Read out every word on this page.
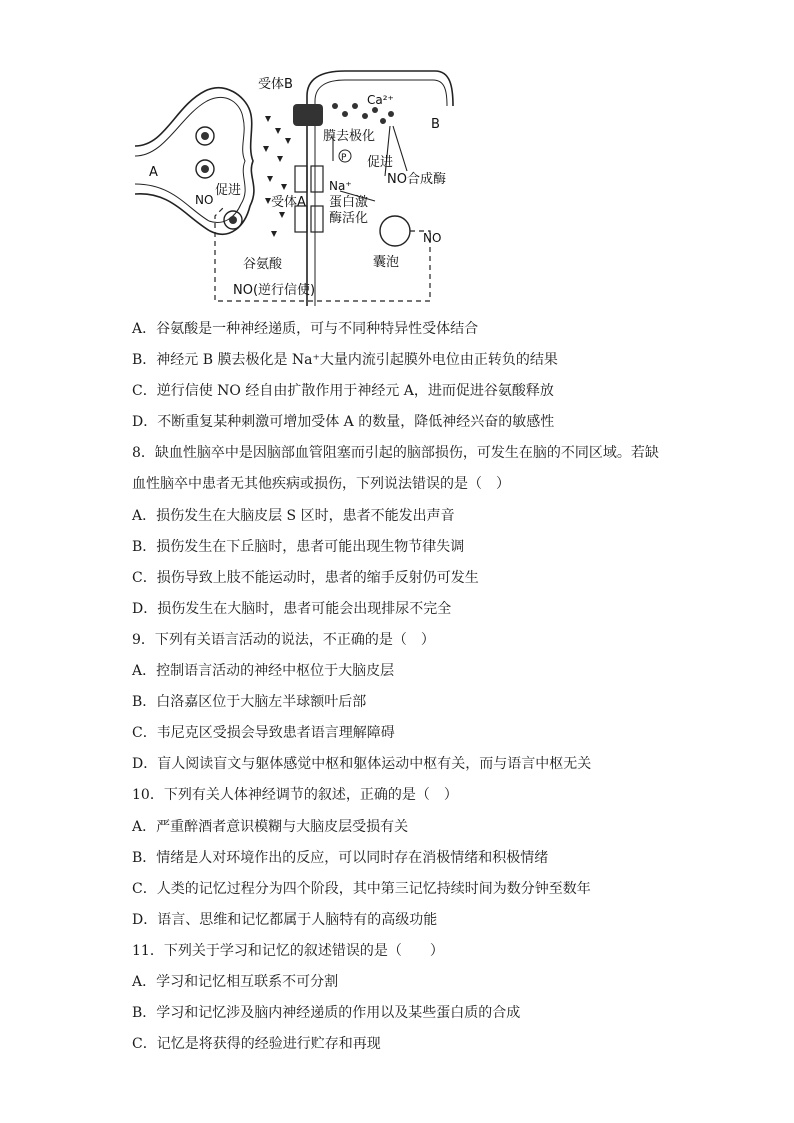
受体B
Ca²⁺
B
膜去极化
P 促进
A
促进	Na⁺	NO合成酶
NO	蛋白激
受体A
酶活化
NO
谷氨酸	囊泡
NO(逆行信使)
A．谷氨酸是一种神经递质，可与不同种特异性受体结合
B．神经元 B 膜去极化是 Na⁺大量内流引起膜外电位由正转负的结果
C．逆行信使 NO 经自由扩散作用于神经元 A，进而促进谷氨酸释放
D．不断重复某种刺激可增加受体 A 的数量，降低神经兴奋的敏感性
8．缺血性脑卒中是因脑部血管阻塞而引起的脑部损伤，可发生在脑的不同区域。若缺
血性脑卒中患者无其他疾病或损伤，下列说法错误的是（　）
A．损伤发生在大脑皮层 S 区时，患者不能发出声音
B．损伤发生在下丘脑时，患者可能出现生物节律失调
C．损伤导致上肢不能运动时，患者的缩手反射仍可发生
D．损伤发生在大脑时，患者可能会出现排尿不完全
9．下列有关语言活动的说法，不正确的是（　）
A．控制语言活动的神经中枢位于大脑皮层
B．白洛嘉区位于大脑左半球额叶后部
C．韦尼克区受损会导致患者语言理解障碍
D．盲人阅读盲文与躯体感觉中枢和躯体运动中枢有关，而与语言中枢无关
10．下列有关人体神经调节的叙述，正确的是（　）
A．严重醉酒者意识模糊与大脑皮层受损有关
B．情绪是人对环境作出的反应，可以同时存在消极情绪和积极情绪
C．人类的记忆过程分为四个阶段，其中第三记忆持续时间为数分钟至数年
D．语言、思维和记忆都属于人脑特有的高级功能
11．下列关于学习和记忆的叙述错误的是（　　）
A．学习和记忆相互联系不可分割
B．学习和记忆涉及脑内神经递质的作用以及某些蛋白质的合成
C．记忆是将获得的经验进行贮存和再现
